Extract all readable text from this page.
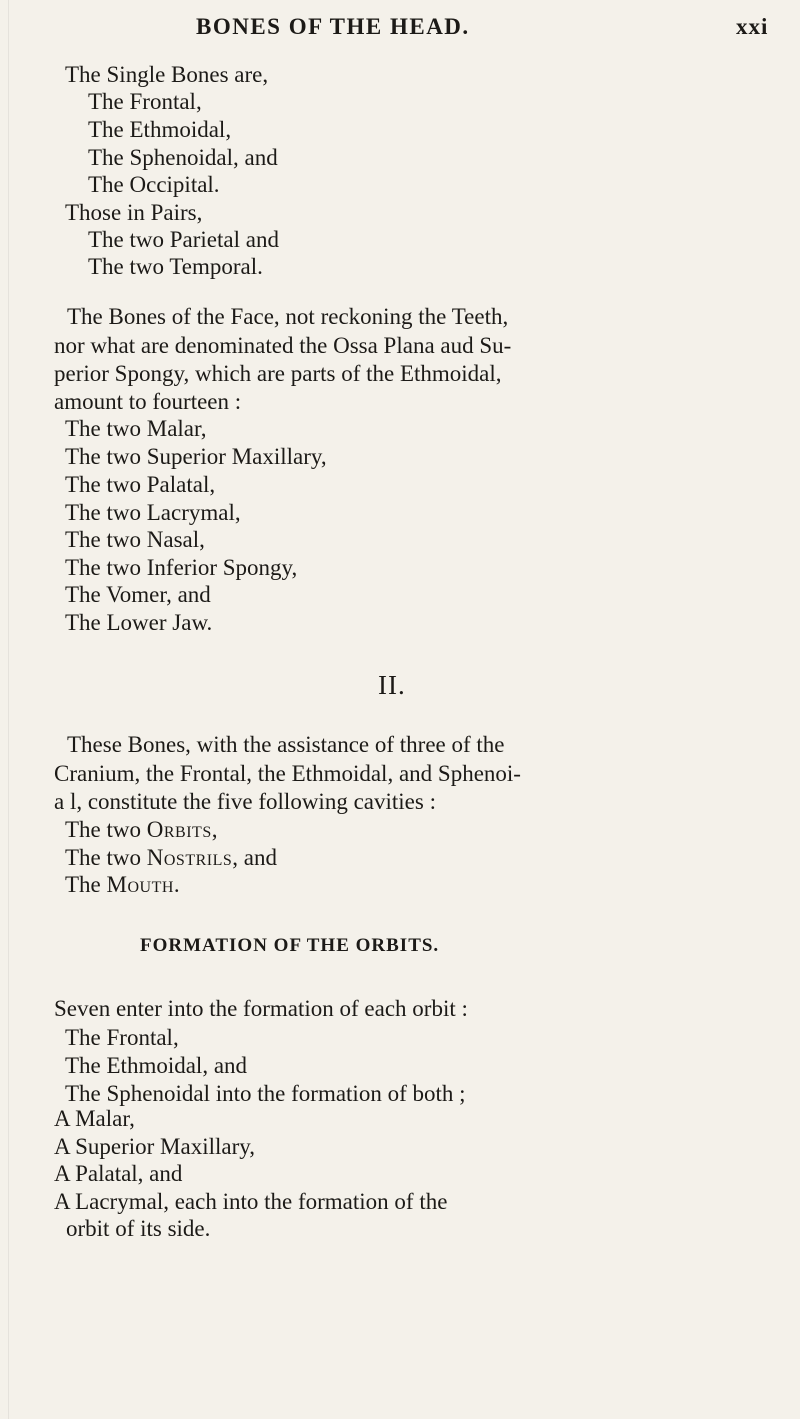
BONES OF THE HEAD.	xxi
The Single Bones are,
The Frontal,
The Ethmoidal,
The Sphenoidal, and
The Occipital.
Those in Pairs,
The two Parietal and
The two Temporal.
The Bones of the Face, not reckoning the Teeth,
nor what are denominated the Ossa Plana aud Su-
perior Spongy, which are parts of the Ethmoidal,
amount to fourteen :
The two Malar,
The two Superior Maxillary,
The two Palatal,
The two Lacrymal,
The two Nasal,
The two Inferior Spongy,
The Vomer, and
The Lower Jaw.
II.
These Bones, with the assistance of three of the
Cranium, the Frontal, the Ethmoidal, and Sphenoi-
a l, constitute the five following cavities :
The two Orbits,
The two Nostrils, and
The Mouth.
FORMATION OF THE ORBITS.
Seven enter into the formation of each orbit :
The Frontal,
The Ethmoidal, and
The Sphenoidal into the formation of both ;
A Malar,
A Superior Maxillary,
A Palatal, and
A Lacrymal, each into the formation of the
orbit of its side.
